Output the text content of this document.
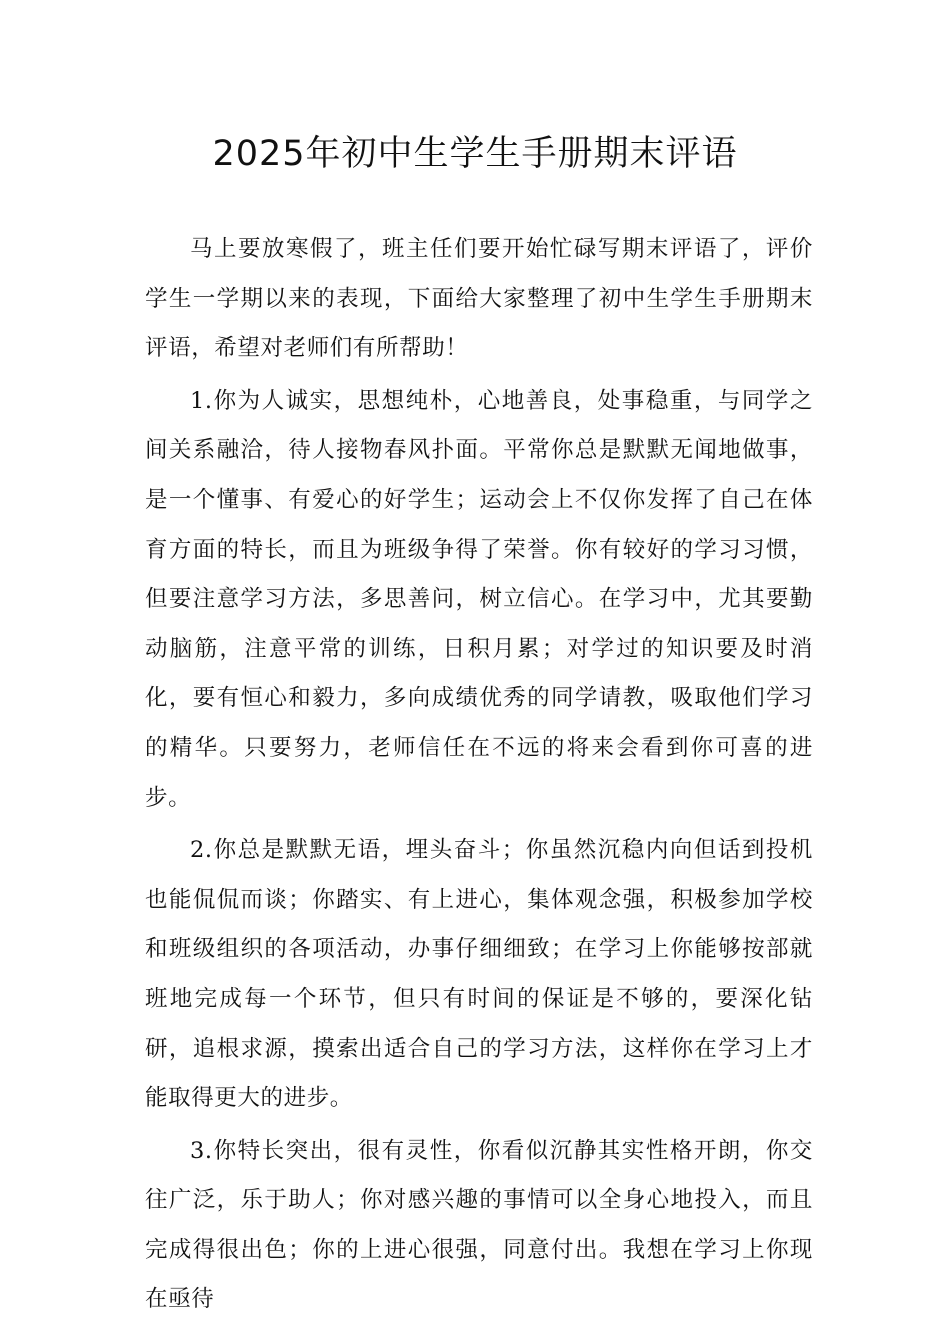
2025年初中生学生手册期末评语

马上要放寒假了，班主任们要开始忙碌写期末评语了，评价学生一学期以来的表现，下面给大家整理了初中生学生手册期末评语，希望对老师们有所帮助！

1.你为人诚实，思想纯朴，心地善良，处事稳重，与同学之间关系融洽，待人接物春风扑面。平常你总是默默无闻地做事，是一个懂事、有爱心的好学生；运动会上不仅你发挥了自己在体育方面的特长，而且为班级争得了荣誉。你有较好的学习习惯，但要注意学习方法，多思善问，树立信心。在学习中，尤其要勤动脑筋，注意平常的训练，日积月累；对学过的知识要及时消化，要有恒心和毅力，多向成绩优秀的同学请教，吸取他们学习的精华。只要努力，老师信任在不远的将来会看到你可喜的进步。

2.你总是默默无语，埋头奋斗；你虽然沉稳内向但话到投机也能侃侃而谈；你踏实、有上进心，集体观念强，积极参加学校和班级组织的各项活动，办事仔细细致；在学习上你能够按部就班地完成每一个环节，但只有时间的保证是不够的，要深化钻研，追根求源，摸索出适合自己的学习方法，这样你在学习上才能取得更大的进步。

3.你特长突出，很有灵性，你看似沉静其实性格开朗，你交往广泛，乐于助人；你对感兴趣的事情可以全身心地投入，而且完成得很出色；你的上进心很强，同意付出。我想在学习上你现在亟待
